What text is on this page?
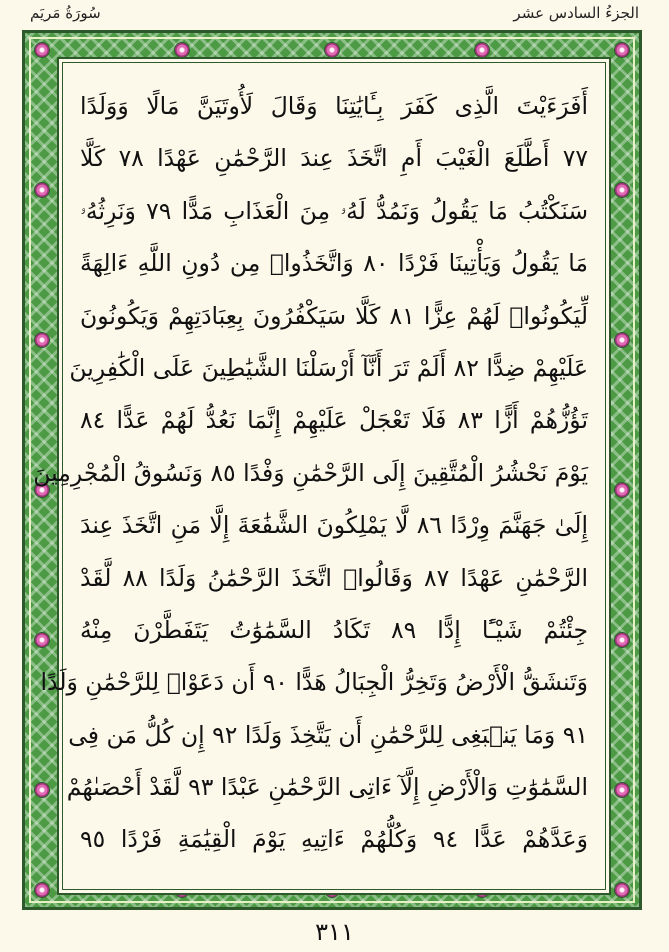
الجزءُ السادس عشر
سُورَةُ مَريَم
أَفَرَءَيْتَ الَّذِى كَفَرَ بِـَٔايَٰتِنَا وَقَالَ لَأُوتَيَنَّ مَالًا وَوَلَدًا
٧٧ أَطَّلَعَ الْغَيْبَ أَمِ اتَّخَذَ عِندَ الرَّحْمَٰنِ عَهْدًا ٧٨ كَلَّا
سَنَكْتُبُ مَا يَقُولُ وَنَمُدُّ لَهُۥ مِنَ الْعَذَابِ مَدًّا ٧٩ وَنَرِثُهُۥ
مَا يَقُولُ وَيَأْتِينَا فَرْدًا ٨٠ وَاتَّخَذُوا۟ مِن دُونِ اللَّهِ ءَالِهَةً
لِّيَكُونُوا۟ لَهُمْ عِزًّا ٨١ كَلَّا سَيَكْفُرُونَ بِعِبَادَتِهِمْ وَيَكُونُونَ
عَلَيْهِمْ ضِدًّا ٨٢ أَلَمْ تَرَ أَنَّآ أَرْسَلْنَا الشَّيَٰطِينَ عَلَى الْكَٰفِرِينَ
تَؤُزُّهُمْ أَزًّا ٨٣ فَلَا تَعْجَلْ عَلَيْهِمْ إِنَّمَا نَعُدُّ لَهُمْ عَدًّا ٨٤
يَوْمَ نَحْشُرُ الْمُتَّقِينَ إِلَى الرَّحْمَٰنِ وَفْدًا ٨٥ وَنَسُوقُ الْمُجْرِمِينَ
إِلَىٰ جَهَنَّمَ وِرْدًا ٨٦ لَّا يَمْلِكُونَ الشَّفَٰعَةَ إِلَّا مَنِ اتَّخَذَ عِندَ
الرَّحْمَٰنِ عَهْدًا ٨٧ وَقَالُوا۟ اتَّخَذَ الرَّحْمَٰنُ وَلَدًا ٨٨ لَّقَدْ
جِئْتُمْ شَيْـًٔا إِدًّا ٨٩ تَكَادُ السَّمَٰوَٰتُ يَتَفَطَّرْنَ مِنْهُ
وَتَنشَقُّ الْأَرْضُ وَتَخِرُّ الْجِبَالُ هَدًّا ٩٠ أَن دَعَوْا۟ لِلرَّحْمَٰنِ وَلَدًا
٩١ وَمَا يَنۢبَغِى لِلرَّحْمَٰنِ أَن يَتَّخِذَ وَلَدًا ٩٢ إِن كُلُّ مَن فِى
السَّمَٰوَٰتِ وَالْأَرْضِ إِلَّآ ءَاتِى الرَّحْمَٰنِ عَبْدًا ٩٣ لَّقَدْ أَحْصَىٰهُمْ
وَعَدَّهُمْ عَدًّا ٩٤ وَكُلُّهُمْ ءَاتِيهِ يَوْمَ الْقِيَٰمَةِ فَرْدًا ٩٥
٣١١
